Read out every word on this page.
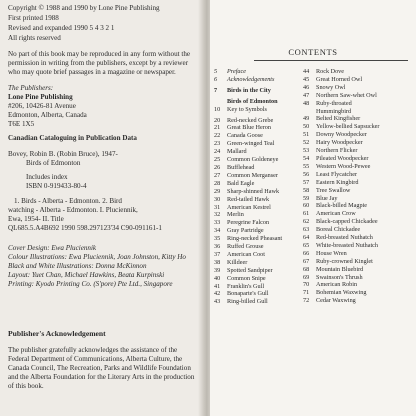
Copyright © 1988 and 1990 by Lone Pine Publishing
First printed 1988
Revised and expanded 1990 5 4 3 2 1
All rights reserved
No part of this book may be reproduced in any form without the
permission in writing from the publishers, except by a reviewer
who may quote brief passages in a magazine or newspaper.
The Publishers:
Lone Pine Publishing
#206, 10426-81 Avenue
Edmonton, Alberta, Canada
T6E 1X5
Canadian Cataloguing in Publication Data
Bovey, Robin B. (Robin Bruce), 1947-
Birds of Edmonton
Includes index
ISBN 0-919433-80-4
1. Birds - Alberta - Edmonton. 2. Bird
watching - Alberta - Edmonton. I. Pluciennik,
Ewa, 1954- II. Title
QL685.5.A4B692 1990 598.297123'34 C90-091161-1
Cover Design: Ewa Pluciennik
Colour Illustrations: Ewa Pluciennik, Joan Johnston, Kitty Ho
Black and White Illustrations: Donna McKinnon
Layout: Yuet Chan, Michael Hawkins, Beata Kurpinski
Printing: Kyodo Printing Co. (S'pore) Pte Ltd., Singapore
Publisher's Acknowledgement
The publisher gratefully acknowledges the assistance of the
Federal Department of Communications, Alberta Culture, the
Canada Council, The Recreation, Parks and Wildlife Foundation
and the Alberta Foundation for the Literary Arts in the production
of this book.
CONTENTS
5	Preface
6	Acknowledgements
7	Birds in the City
Birds of Edmonton
10	Key to Symbols
20	Red-necked Grebe
21	Great Blue Heron
22	Canada Goose
23	Green-winged Teal
24	Mallard
25	Common Goldeneye
26	Bufflehead
27	Common Merganser
28	Bald Eagle
29	Sharp-shinned Hawk
30	Red-tailed Hawk
31	American Kestrel
32	Merlin
33	Peregrine Falcon
34	Gray Partridge
35	Ring-necked Pheasant
36	Ruffed Grouse
37	American Coot
38	Killdeer
39	Spotted Sandpiper
40	Common Snipe
41	Franklin's Gull
42	Bonaparte's Gull
43	Ring-billed Gull
44	Rock Dove
45	Great Horned Owl
46	Snowy Owl
47	Northern Saw-whet Owl
48	Ruby-throated
Hummingbird
49	Belted Kingfisher
50	Yellow-bellied Sapsucker
51	Downy Woodpecker
52	Hairy Woodpecker
53	Northern Flicker
54	Pileated Woodpecker
55	Western Wood-Pewee
56	Least Flycatcher
57	Eastern Kingbird
58	Tree Swallow
59	Blue Jay
60	Black-billed Magpie
61	American Crow
62	Black-capped Chickadee
63	Boreal Chickadee
64	Red-breasted Nuthatch
65	White-breasted Nuthatch
66	House Wren
67	Ruby-crowned Kinglet
68	Mountain Bluebird
69	Swainson's Thrush
70	American Robin
71	Bohemian Waxwing
72	Cedar Waxwing
